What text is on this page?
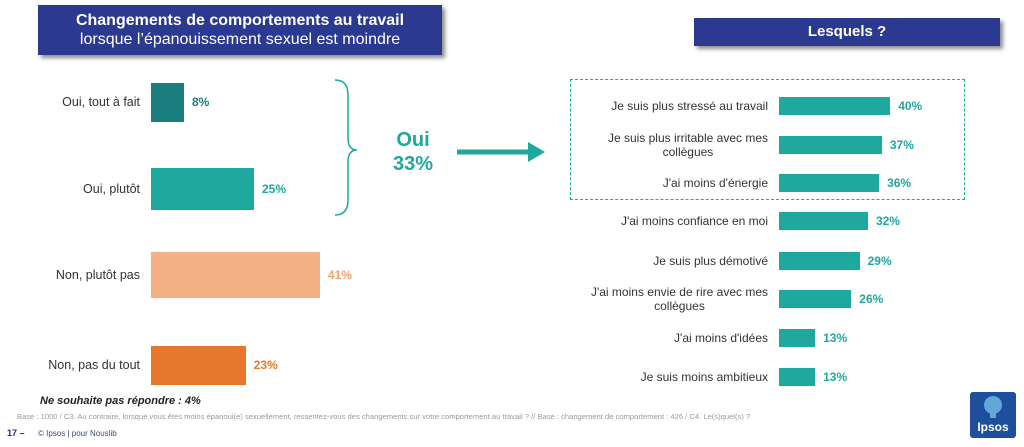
Changements de comportements au travail
lorsque l’épanouissement sexuel est moindre	Lesquels ?
Oui
33%
Oui, tout à fait	8%
Oui, plutôt	25%
Non, plutôt pas	41%
Non, pas du tout	23%
Je suis plus stressé au travail	40%
Je suis plus irritable avec mes
collègues	37%
J'ai moins d'énergie	36%
J'ai moins confiance en moi	32%
Je suis plus démotivé	29%
J'ai moins envie de rire avec mes
collègues	26%
J'ai moins d'idées	13%
Je suis moins ambitieux	13%
Ne souhaite pas répondre : 4%
Base : 1000 / C3. Au contraire, lorsque vous êtes moins épanoui(e) sexuellement, ressentez-vous des changements sur votre comportement au travail ? // Base : changement de comportement : 426 / C4. Le(s)quel(s) ?
17 – © Ipsos | pour Nouslib	Ipsos
